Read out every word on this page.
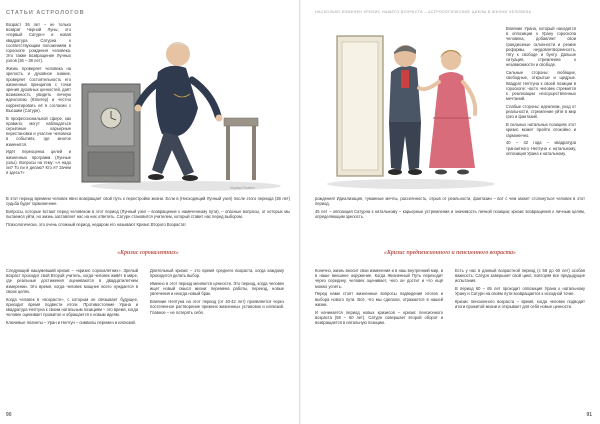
СТАТЬИ АСТРОЛОГОВ

Возраст 36 лет – не только возврат Черной Луны, это «первый Сатурн» и новая квадратура Сатурна к соответствующим положениям в гороскопе рождения человека. Это также возвращение Лунных узлов (36 – 38 лет).

Жизнь проверяет человека на зрелость и духовное знание, проверяет состоятельность его жизненных принципов с точки зрения духовных ценностей, даёт возможность увидеть личную идеологию (Юпитер) и честно корректировать её в согласии с Высшим (Сатурн).

В профессиональной сфере, как правило, могут наблюдаться серьёзные карьерные перестановки и участие человека в событиях, где многое изменится.

Идёт переоценка целей и жизненных программ (Лунные узлы). Вопросы на тему: «А надо ли? То ли я делаю? Кто я? Зачем я здесь?»

Норман Роквелл

В этот период времени человек явно возвращает свой путь к перестройке жизни. Если в (Нисходящий Лунный узел) после этого периода (38 лет) судьба будет гармоничнее.

Вопросы, которые встают перед человеком в этот период (Лунный узел – возвращение к намеченному пути), – опасные вопросы, от которых мы пытаемся уйти, но жизнь заставляет нас на них ответить. Сатурн становится учителем, который ставит нас перед выбором.

Психологически, это очень сложный период, недаром его называют Кризис Второго Возраста!

«Кризис сорокалетних»

Следующий нашумевший кризис – «кризис сорокалетних». Зрелый возраст проходит свой Второй учитель, когда человек живёт в мире, где реальные достижения оцениваются в двадцатилетнем измерении. Это время, когда человек мощнее всего нуждается в своих целях.

Когда человек в «возрасте», с которым он связывает будущее, приходит время подвести итоги. Противостояние Урана и квадратура Нептуна к своим натальным позициям – это время, когда человек оценивает прожитое и обращается к новым идеям.

Ключевые планеты – Уран и Нептун – символы перемен и иллюзий.

Длительный кризис – это время среднего возраста, когда каждому приходится делать выбор.

Именно в этот период меняются ценности. Это период, когда человек ищет новый смысл жизни: перемена работы, переезд, новые увлечения и иногда новый брак.

Влияние Нептуна на этот период (от 40-42 лет) проявляется через постепенное растворение прежних жизненных установок и иллюзий. Главное – не потерять себя.

90
НАСКОЛЬКО ИЗМЕНЕН КРИЗИС НАШЕГО ВОЗРАСТА – АСТРОЛОГИЧЕСКИЕ ЦИКЛЫ В ЖИЗНИ ЧЕЛОВЕКА

Влияние Урана, который находится в оппозиции к Урану гороскопа человека, добавляет свои грандиозные склонности и резкие реформы, неудовлетворенность, тягу к свободе и бунту. Дальше ситуация, стремление к независимости и свободе.

Сильные стороны: любящие, свободные, открытые и щедрые. Квадрат Нептуна к своей позиции в гороскопе: часто человек стремится к реализации неосуществленных мечтаний.

Слабые стороны: идеализм, уход от реальности, стремление уйти в мир грез и фантазий.

В сильных натальных позициях этот кризис может пройти спокойно и гармонично.

40 – 42 года – квадратура транзитного Нептуна к натальному, оппозиция Урана к натальному.

рождения! Идеализация, туманные мечты, рассеянность, отрыв от реальности, фантазии – вот с чем может столкнуться человек в этот период.

45 лет – оппозиция Сатурна к натальному – карьерные устремления и значимость личной позиции; кризис возвращения к личным целям, определяющим зрелость.

«Кризис предпенсионного и пенсионного возраста»

Конечно, жизнь вносит свои изменения и в наш внутренний мир, и в наше внешнее окружение. Когда Жизненный Путь переходит через середину, человек оценивает, чего он достиг и что ещё можно успеть.

Перед нами стоят жизненные вопросы подведения итогов и выбора нового пути. Всё, что мы сделали, отражается в нашей жизни.

И начинается период новых кризисов – кризис пенсионного возраста (58 – 60 лет). Сатурн совершает второй оборот и возвращается в натальную позицию.

Есть у нас в данный возрастной период (с 58 до 60 лет) особая важность: Сатурн завершает свой цикл, повторяя все предыдущие испытания.

В период 60 – 65 лет проходит оппозиция Урана к натальному Урану и Сатурн на своём пути возвращается к исходной точке.

Кризис пенсионного возраста – время, когда человек подводит итоги прожитой жизни и открывает для себя новые ценности.

91
